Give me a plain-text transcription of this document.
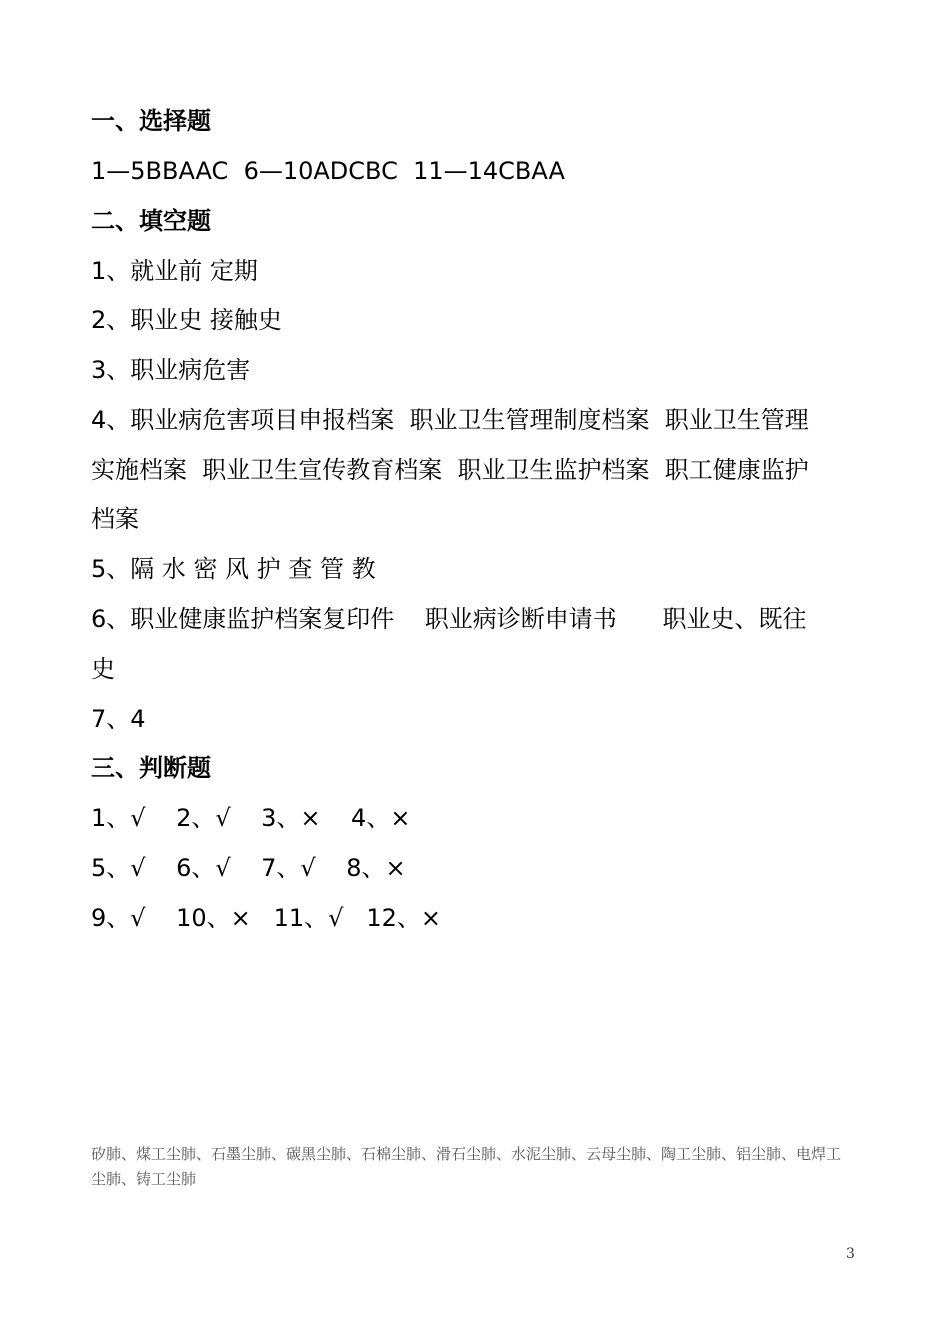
一、选择题
1—5BBAAC  6—10ADCBC  11—14CBAA
二、填空题
1、就业前 定期
2、职业史 接触史
3、职业病危害
4、职业病危害项目申报档案  职业卫生管理制度档案  职业卫生管理
实施档案  职业卫生宣传教育档案  职业卫生监护档案  职工健康监护
档案
5、隔 水 密 风 护 查 管 教
6、职业健康监护档案复印件    职业病诊断申请书      职业史、既往
史
7、4
三、判断题
1、√    2、√    3、×    4、×
5、√    6、√    7、√    8、×
9、√    10、×   11、√   12、×
矽肺、煤工尘肺、石墨尘肺、碳黑尘肺、石棉尘肺、滑石尘肺、水泥尘肺、云母尘肺、陶工尘肺、铝尘肺、电焊工
尘肺、铸工尘肺
3
